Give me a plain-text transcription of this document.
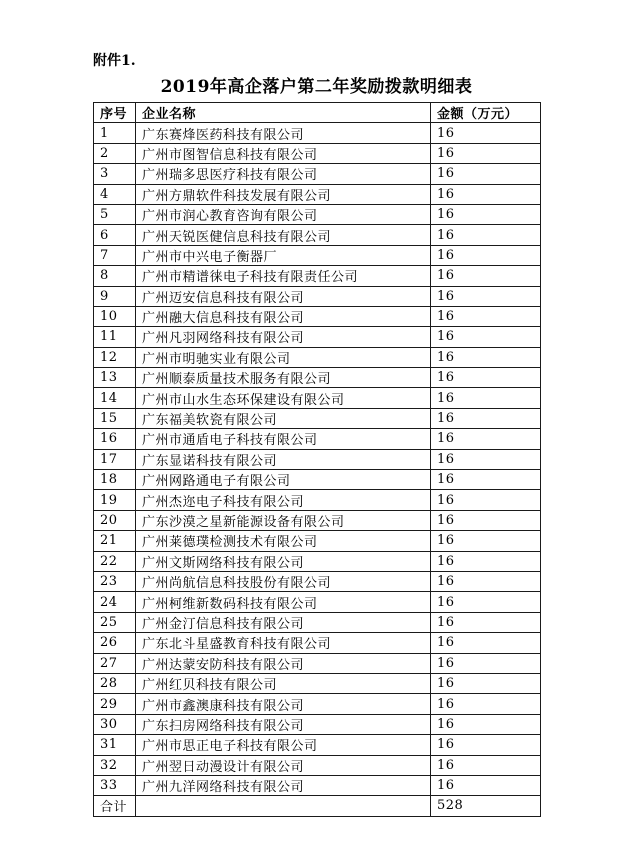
附件1.

2019年高企落户第二年奖励拨款明细表

序号	企业名称	金额（万元）
1	广东赛烽医药科技有限公司	16
2	广州市图智信息科技有限公司	16
3	广州瑞多思医疗科技有限公司	16
4	广州方鼎软件科技发展有限公司	16
5	广州市润心教育咨询有限公司	16
6	广州天锐医健信息科技有限公司	16
7	广州市中兴电子衡器厂	16
8	广州市精谱徕电子科技有限责任公司	16
9	广州迈安信息科技有限公司	16
10	广州融大信息科技有限公司	16
11	广州凡羽网络科技有限公司	16
12	广州市明驰实业有限公司	16
13	广州顺泰质量技术服务有限公司	16
14	广州市山水生态环保建设有限公司	16
15	广东福美软瓷有限公司	16
16	广州市通盾电子科技有限公司	16
17	广东显诺科技有限公司	16
18	广州网路通电子有限公司	16
19	广州杰迩电子科技有限公司	16
20	广东沙漠之星新能源设备有限公司	16
21	广州莱德璞检测技术有限公司	16
22	广州文斯网络科技有限公司	16
23	广州尚航信息科技股份有限公司	16
24	广州柯维新数码科技有限公司	16
25	广州金汀信息科技有限公司	16
26	广东北斗星盛教育科技有限公司	16
27	广州达蒙安防科技有限公司	16
28	广州红贝科技有限公司	16
29	广州市鑫澳康科技有限公司	16
30	广东扫房网络科技有限公司	16
31	广州市思正电子科技有限公司	16
32	广州翌日动漫设计有限公司	16
33	广州九洋网络科技有限公司	16
合计		528
